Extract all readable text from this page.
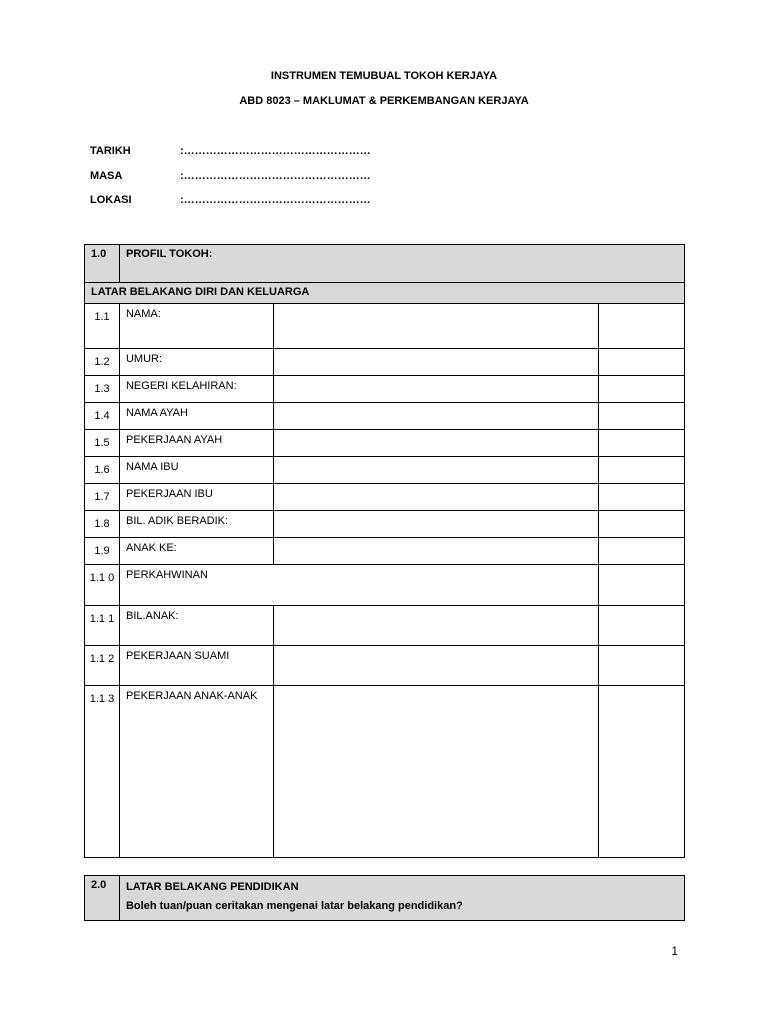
INSTRUMEN TEMUBUAL TOKOH KERJAYA
ABD 8023 – MAKLUMAT & PERKEMBANGAN KERJAYA
TARIKH	:……………………………………………
MASA	:……………………………………………
LOKASI	:……………………………………………
1.0	PROFIL TOKOH:		
LATAR BELAKANG DIRI DAN KELUARGA			
1.1	NAMA:		
1.2	UMUR:		
1.3	NEGERI KELAHIRAN:		
1.4	NAMA AYAH		
1.5	PEKERJAAN AYAH		
1.6	NAMA IBU		
1.7	PEKERJAAN IBU		
1.8	BIL. ADIK BERADIK:		
1.9	ANAK KE:		
1.1 0	PERKAHWINAN		
1.1 1	BIL.ANAK:		
1.1 2	PEKERJAAN SUAMI		
1.1 3	PEKERJAAN ANAK-ANAK		
2.0	LATAR BELAKANG PENDIDIKAN
Boleh tuan/puan ceritakan mengenai latar belakang pendidikan?
1
